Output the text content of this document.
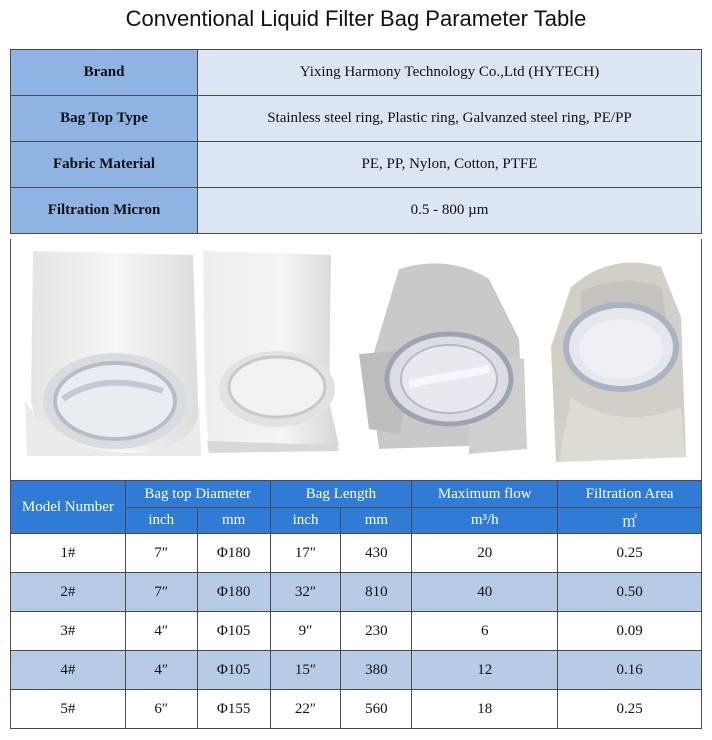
Conventional Liquid Filter Bag Parameter Table
Brand	Yixing Harmony Technology Co.,Ltd (HYTECH)
Bag Top Type	Stainless steel ring, Plastic ring, Galvanzed steel ring, PE/PP
Fabric Material	PE, PP, Nylon, Cotton, PTFE
Filtration Micron	0.5 - 800 µm
Model Number	Bag top Diameter		Bag Length		Maximum flow	Filtration Area
	inch	mm	inch	mm	m³/h	㎡
1#	7″	Φ180	17″	430	20	0.25
2#	7″	Φ180	32″	810	40	0.50
3#	4″	Φ105	9″	230	6	0.09
4#	4″	Φ105	15″	380	12	0.16
5#	6″	Φ155	22″	560	18	0.25
